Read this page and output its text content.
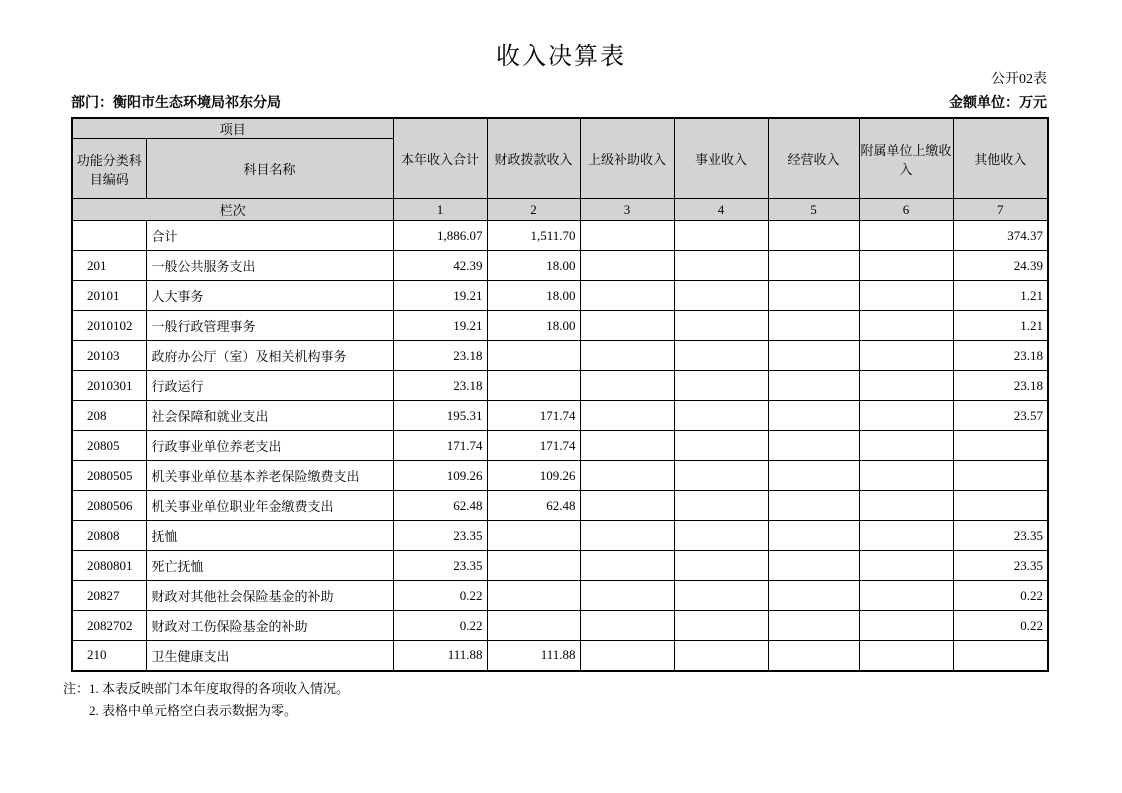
收入决算表
公开02表
部门：衡阳市生态环境局祁东分局	金额单位：万元
项目		本年收入合计	财政拨款收入	上级补助收入	事业收入	经营收入	附属单位上缴收入	其他收入
功能分类科目编码	科目名称							
栏次		1	2	3	4	5	6	7
	合计	1,886.07	1,511.70					374.37
201	一般公共服务支出	42.39	18.00					24.39
20101	人大事务	19.21	18.00					1.21
2010102	一般行政管理事务	19.21	18.00					1.21
20103	政府办公厅（室）及相关机构事务	23.18						23.18
2010301	行政运行	23.18						23.18
208	社会保障和就业支出	195.31	171.74					23.57
20805	行政事业单位养老支出	171.74	171.74					
2080505	机关事业单位基本养老保险缴费支出	109.26	109.26					
2080506	机关事业单位职业年金缴费支出	62.48	62.48					
20808	抚恤	23.35						23.35
2080801	死亡抚恤	23.35						23.35
20827	财政对其他社会保险基金的补助	0.22						0.22
2082702	财政对工伤保险基金的补助	0.22						0.22
210	卫生健康支出	111.88	111.88					
注：1. 本表反映部门本年度取得的各项收入情况。
2. 表格中单元格空白表示数据为零。
